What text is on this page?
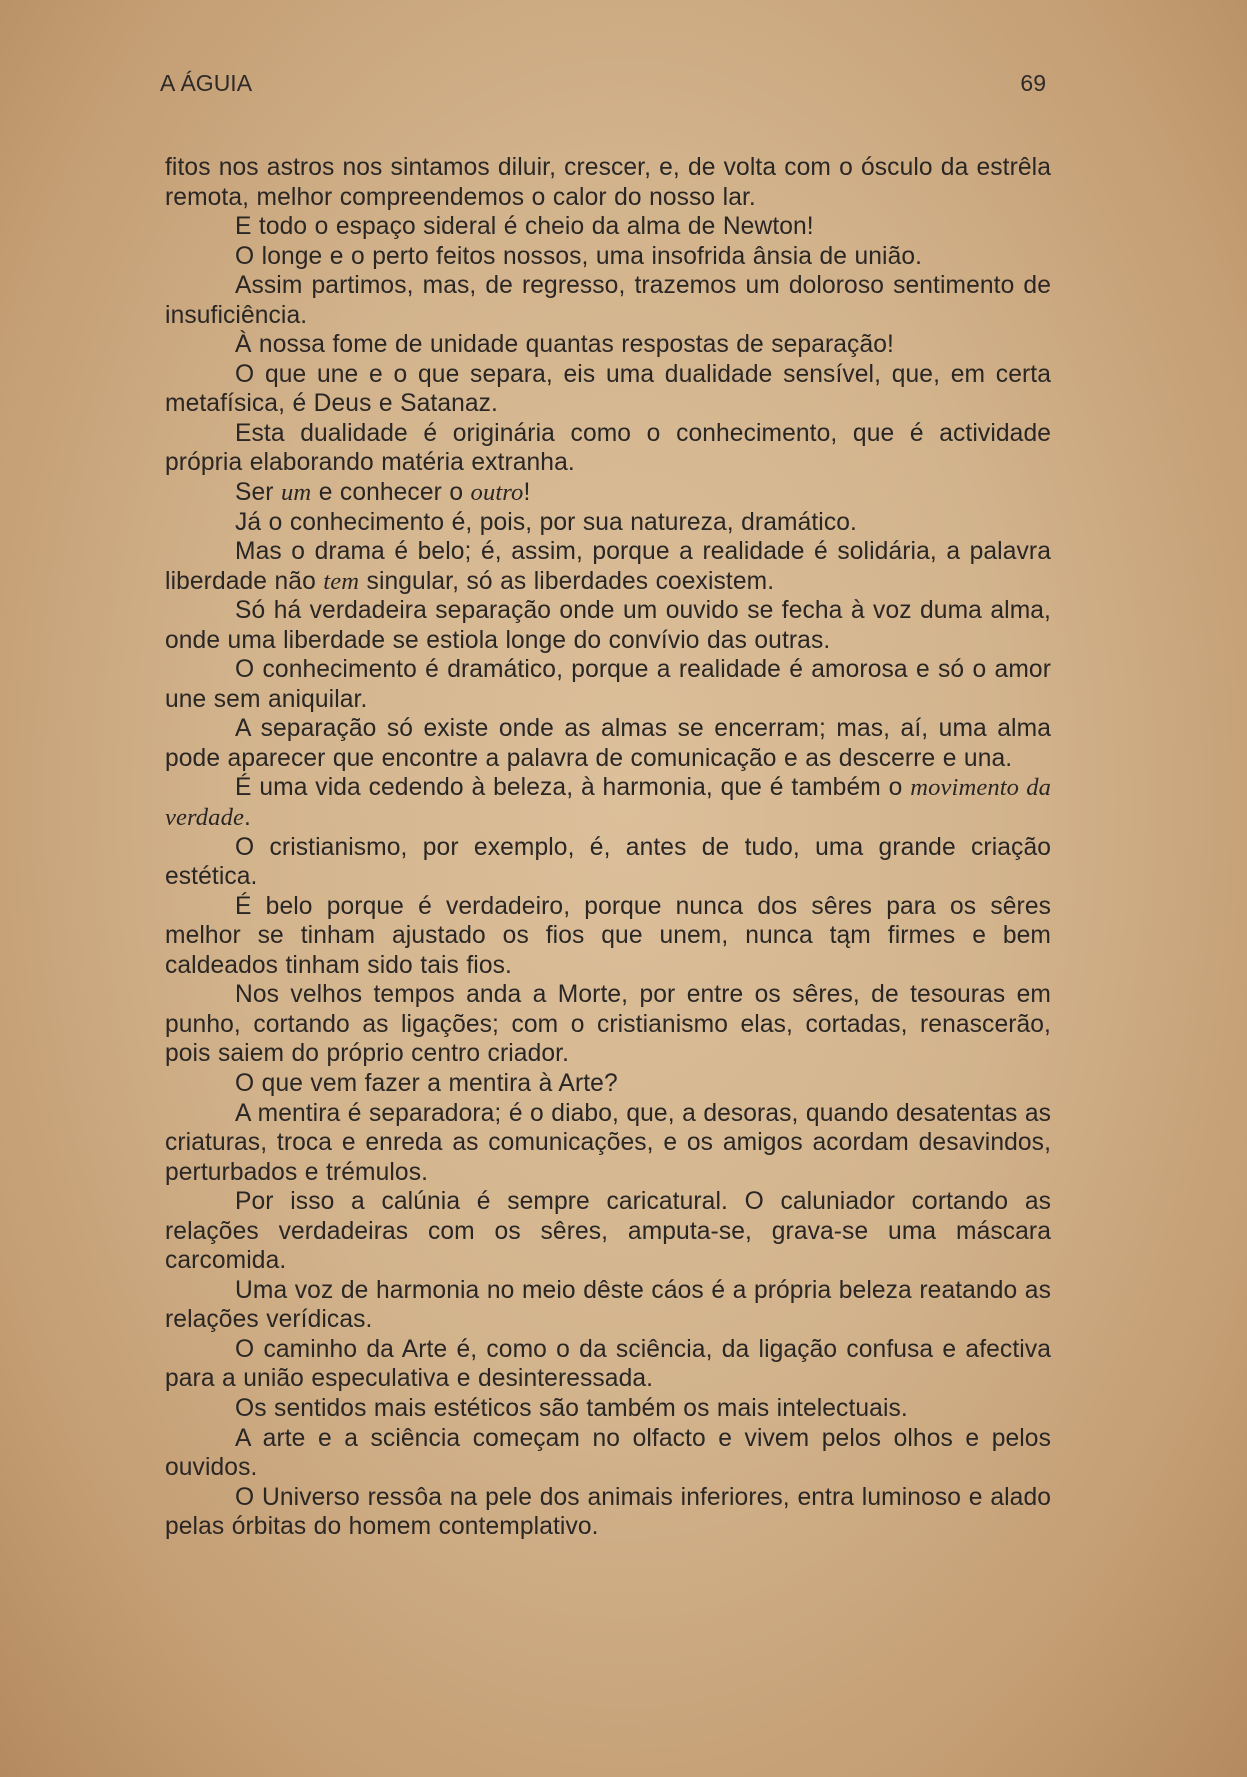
A ÁGUIA	69

fitos nos astros nos sintamos diluir, crescer, e, de volta com o ósculo da estrêla remota, melhor compreendemos o calor do nosso lar.

E todo o espaço sideral é cheio da alma de Newton!

O longe e o perto feitos nossos, uma insofrida ânsia de união.

Assim partimos, mas, de regresso, trazemos um doloroso sentimento de insuficiência.

À nossa fome de unidade quantas respostas de separação!

O que une e o que separa, eis uma dualidade sensível, que, em certa metafísica, é Deus e Satanaz.

Esta dualidade é originária como o conhecimento, que é actividade própria elaborando matéria extranha.

Ser um e conhecer o outro!

Já o conhecimento é, pois, por sua natureza, dramático.

Mas o drama é belo; é, assim, porque a realidade é solidária, a palavra liberdade não tem singular, só as liberdades coexistem.

Só há verdadeira separação onde um ouvido se fecha à voz duma alma, onde uma liberdade se estiola longe do convívio das outras.

O conhecimento é dramático, porque a realidade é amorosa e só o amor une sem aniquilar.

A separação só existe onde as almas se encerram; mas, aí, uma alma pode aparecer que encontre a palavra de comunicação e as descerre e una.

É uma vida cedendo à beleza, à harmonia, que é também o movimento da verdade.

O cristianismo, por exemplo, é, antes de tudo, uma grande criação estética.

É belo porque é verdadeiro, porque nunca dos sêres para os sêres melhor se tinham ajustado os fios que unem, nunca tąm firmes e bem caldeados tinham sido tais fios.

Nos velhos tempos anda a Morte, por entre os sêres, de tesouras em punho, cortando as ligações; com o cristianismo elas, cortadas, renascerão, pois saiem do próprio centro criador.

O que vem fazer a mentira à Arte?

A mentira é separadora; é o diabo, que, a desoras, quando desatentas as criaturas, troca e enreda as comunicações, e os amigos acordam desavindos, perturbados e trémulos.

Por isso a calúnia é sempre caricatural. O caluniador cortando as relações verdadeiras com os sêres, amputa-se, grava-se uma máscara carcomida.

Uma voz de harmonia no meio dêste cáos é a própria beleza reatando as relações verídicas.

O caminho da Arte é, como o da sciência, da ligação confusa e afectiva para a união especulativa e desinteressada.

Os sentidos mais estéticos são também os mais intelectuais.

A arte e a sciência começam no olfacto e vivem pelos olhos e pelos ouvidos.

O Universo ressôa na pele dos animais inferiores, entra luminoso e alado pelas órbitas do homem contemplativo.
